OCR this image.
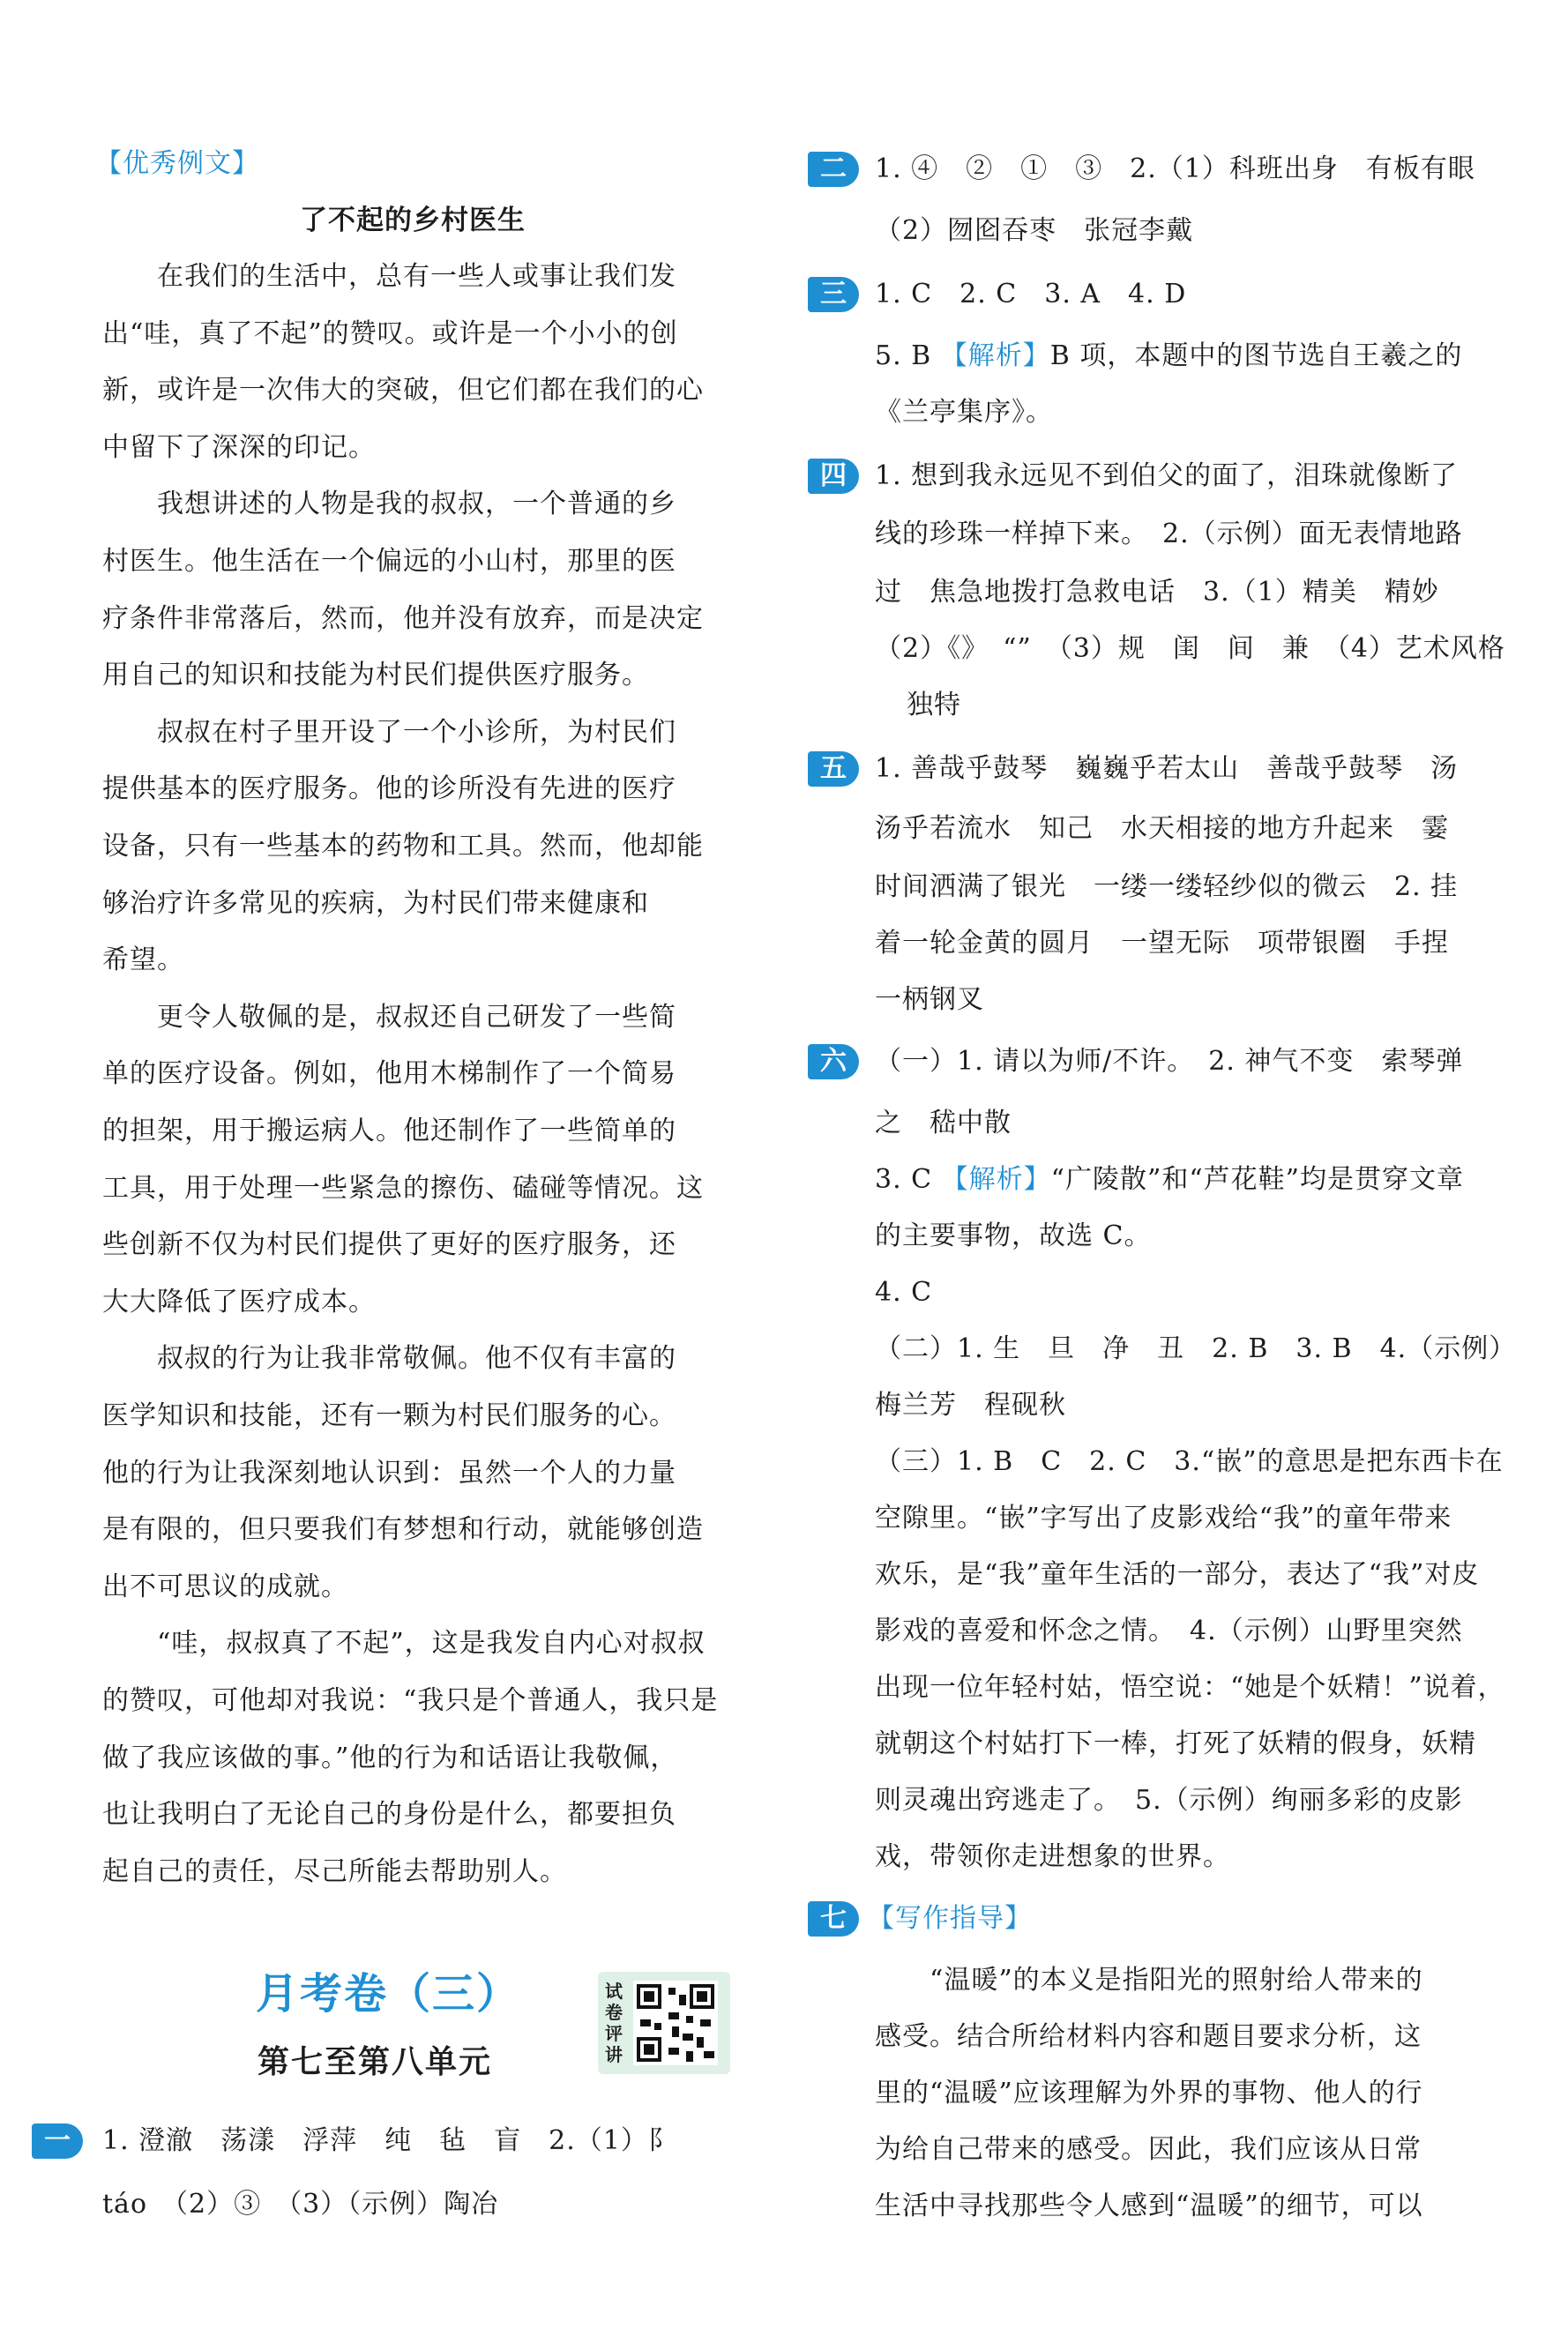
【优秀例文】
了不起的乡村医生
　　在我们的生活中，总有一些人或事让我们发
出“哇，真了不起”的赞叹。或许是一个小小的创
新，或许是一次伟大的突破，但它们都在我们的心
中留下了深深的印记。
　　我想讲述的人物是我的叔叔，一个普通的乡
村医生。他生活在一个偏远的小山村，那里的医
疗条件非常落后，然而，他并没有放弃，而是决定
用自己的知识和技能为村民们提供医疗服务。
　　叔叔在村子里开设了一个小诊所，为村民们
提供基本的医疗服务。他的诊所没有先进的医疗
设备，只有一些基本的药物和工具。然而，他却能
够治疗许多常见的疾病，为村民们带来健康和
希望。
　　更令人敬佩的是，叔叔还自己研发了一些简
单的医疗设备。例如，他用木梯制作了一个简易
的担架，用于搬运病人。他还制作了一些简单的
工具，用于处理一些紧急的擦伤、磕碰等情况。这
些创新不仅为村民们提供了更好的医疗服务，还
大大降低了医疗成本。
　　叔叔的行为让我非常敬佩。他不仅有丰富的
医学知识和技能，还有一颗为村民们服务的心。
他的行为让我深刻地认识到：虽然一个人的力量
是有限的，但只要我们有梦想和行动，就能够创造
出不可思议的成就。
　　“哇，叔叔真了不起”，这是我发自内心对叔叔
的赞叹，可他却对我说：“我只是个普通人，我只是
做了我应该做的事。”他的行为和话语让我敬佩，
也让我明白了无论自己的身份是什么，都要担负
起自己的责任，尽己所能去帮助别人。
月考卷（三）
第七至第八单元
试卷评讲
一	1. 澄澈　荡漾　浮萍　纯　毡　盲　2.（1）阝
táo　（2）③　（3）（示例）陶冶
二	1. ④　②　①　③　2.（1）科班出身　有板有眼
（2）囫囵吞枣　张冠李戴
三	1. C　2. C　3. A　4. D
5. B 【解析】B 项，本题中的图节选自王羲之的
《兰亭集序》。
四	1. 想到我永远见不到伯父的面了，泪珠就像断了
线的珍珠一样掉下来。　2.（示例）面无表情地路
过　焦急地拨打急救电话　3.（1）精美　精妙
（2）《》　“”　（3）规　闺　间　兼　（4）艺术风格
独特
五	1. 善哉乎鼓琴　巍巍乎若太山　善哉乎鼓琴　汤
汤乎若流水　知己　水天相接的地方升起来　霎
时间洒满了银光　一缕一缕轻纱似的微云　2. 挂
着一轮金黄的圆月　一望无际　项带银圈　手捏
一柄钢叉
六	（一）1. 请以为师/不许。　2. 神气不变　索琴弹
之　嵇中散
3. C 【解析】“广陵散”和“芦花鞋”均是贯穿文章
的主要事物，故选 C。
4. C
（二）1. 生　旦　净　丑　2. B　3. B　4.（示例）
梅兰芳　程砚秋
（三）1. B　C　2. C　3.“嵌”的意思是把东西卡在
空隙里。“嵌”字写出了皮影戏给“我”的童年带来
欢乐，是“我”童年生活的一部分，表达了“我”对皮
影戏的喜爱和怀念之情。　4.（示例）山野里突然
出现一位年轻村姑，悟空说：“她是个妖精！”说着，
就朝这个村姑打下一棒，打死了妖精的假身，妖精
则灵魂出窍逃走了。　5.（示例）绚丽多彩的皮影
戏，带领你走进想象的世界。
七 【写作指导】
　　“温暖”的本义是指阳光的照射给人带来的
感受。结合所给材料内容和题目要求分析，这
里的“温暖”应该理解为外界的事物、他人的行
为给自己带来的感受。因此，我们应该从日常
生活中寻找那些令人感到“温暖”的细节，可以
